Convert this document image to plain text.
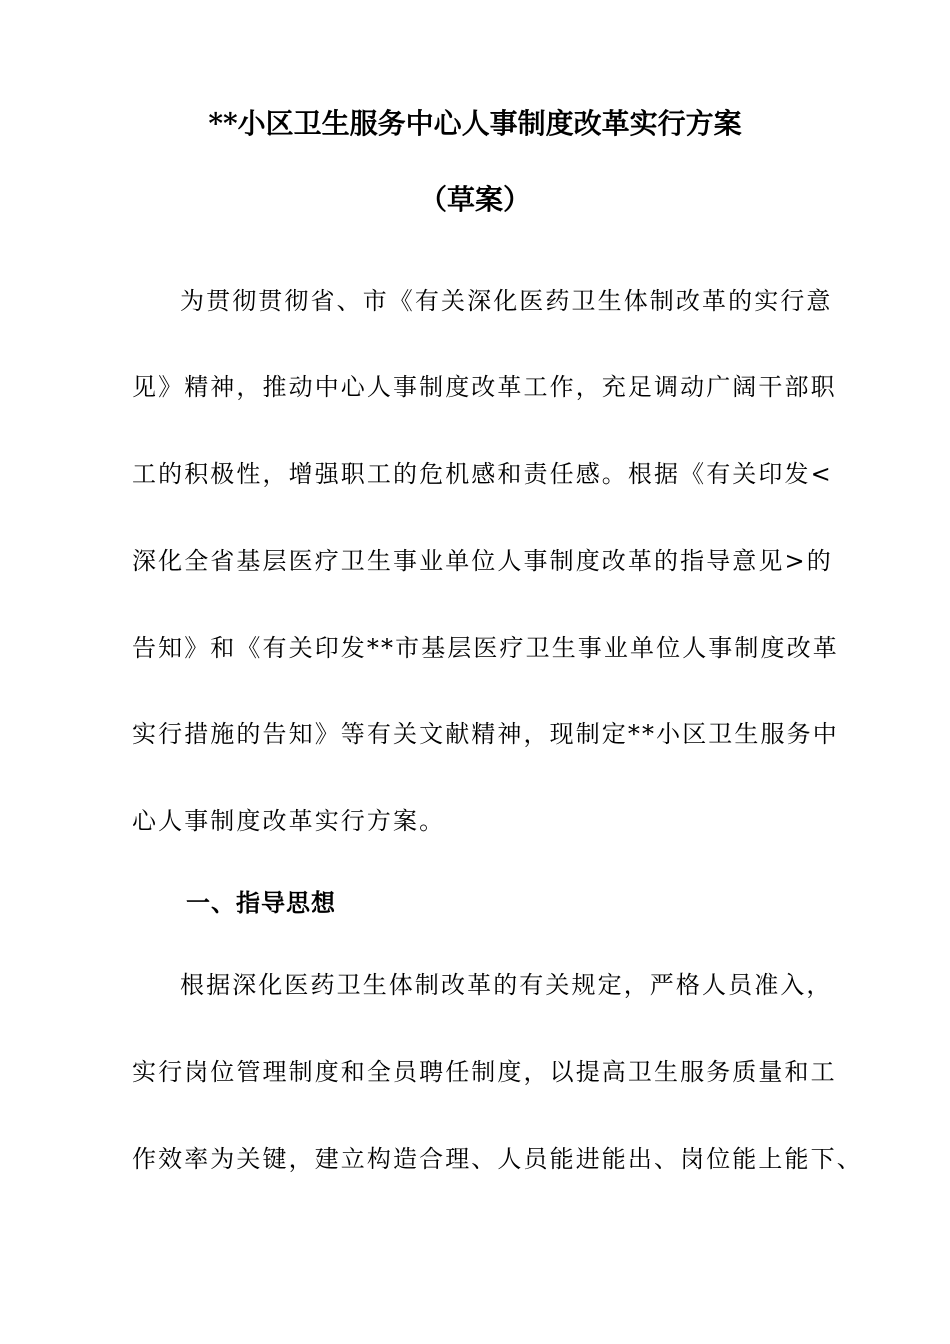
**小区卫生服务中心人事制度改革实行方案
（草案）
为贯彻贯彻省、市《有关深化医药卫生体制改革的实行意
见》精神，推动中心人事制度改革工作，充足调动广阔干部职
工的积极性，增强职工的危机感和责任感。根据《有关印发<
深化全省基层医疗卫生事业单位人事制度改革的指导意见>的
告知》和《有关印发**市基层医疗卫生事业单位人事制度改革
实行措施的告知》等有关文献精神，现制定**小区卫生服务中
心人事制度改革实行方案。
一、指导思想
根据深化医药卫生体制改革的有关规定，严格人员准入，
实行岗位管理制度和全员聘任制度，以提高卫生服务质量和工
作效率为关键，建立构造合理、人员能进能出、岗位能上能下、
